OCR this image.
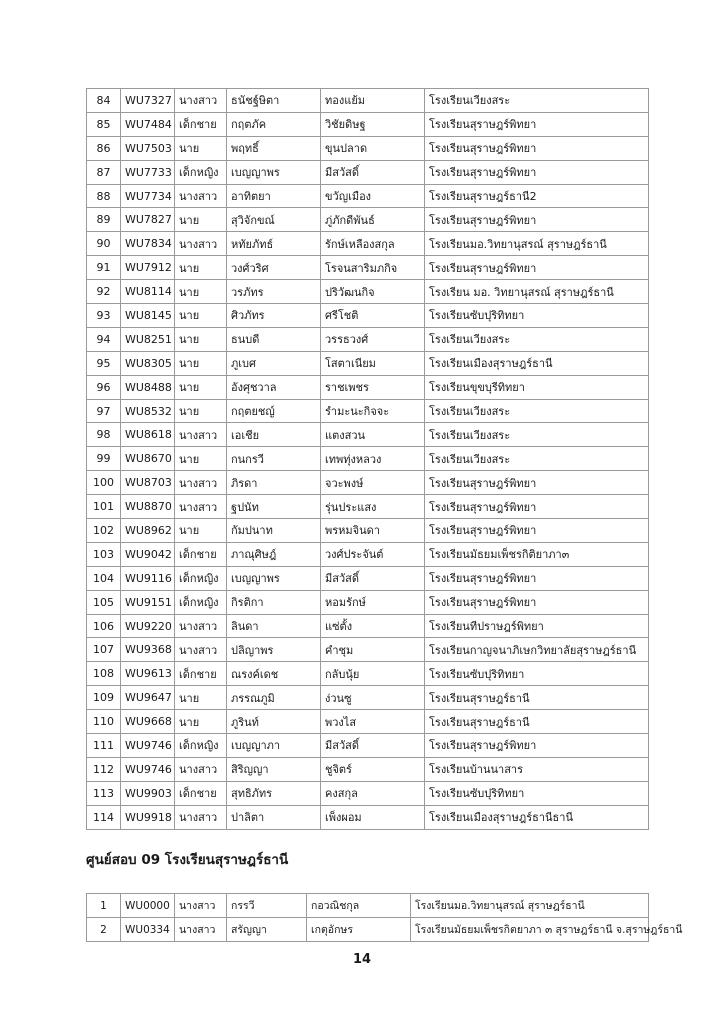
84	WU7327	นางสาว	ธนัชฐ์ษิตา	ทองแย้ม	โรงเรียนเวียงสระ
85	WU7484	เด็กชาย	กฤตภัค	วิชัยดิษฐ	โรงเรียนสุราษฎร์พิทยา
86	WU7503	นาย	พฤทธิ์	ขุนปลาด	โรงเรียนสุราษฎร์พิทยา
87	WU7733	เด็กหญิง	เบญญาพร	มีสวัสดิ์	โรงเรียนสุราษฎร์พิทยา
88	WU7734	นางสาว	อาทิตยา	ขวัญเมือง	โรงเรียนสุราษฎร์ธานี2
89	WU7827	นาย	สุวิจักขณ์	ภู่ภักดีพันธ์	โรงเรียนสุราษฎร์พิทยา
90	WU7834	นางสาว	หทัยภัทธ์	รักษ์เหลืองสกุล	โรงเรียนมอ.วิทยานุสรณ์ สุราษฎร์ธานี
91	WU7912	นาย	วงศ์วริศ	โรจนสาริมภกิจ	โรงเรียนสุราษฎร์พิทยา
92	WU8114	นาย	วรภัทร	ปริวัฒนกิจ	โรงเรียน มอ. วิทยานุสรณ์ สุราษฎร์ธานี
93	WU8145	นาย	ศิวภัทร	ศรีโชติ	โรงเรียนซับปุริทิทยา
94	WU8251	นาย	ธนบดี	วรรธวงศ์	โรงเรียนเวียงสระ
95	WU8305	นาย	ภูเบศ	โสตาเนียม	โรงเรียนเมืองสุราษฎร์ธานี
96	WU8488	นาย	อังศุชวาล	ราชเพชร	โรงเรียนขุขบุรีทิทยา
97	WU8532	นาย	กฤตยชญ์	รำมะนะกิจจะ	โรงเรียนเวียงสระ
98	WU8618	นางสาว	เอเชีย	แตงสวน	โรงเรียนเวียงสระ
99	WU8670	นาย	กนกรวี	เทพทุ่งหลวง	โรงเรียนเวียงสระ
100	WU8703	นางสาว	ภิรดา	จวะพงษ์	โรงเรียนสุราษฎร์พิทยา
101	WU8870	นางสาว	ฐปนัท	รุ่นประแสง	โรงเรียนสุราษฎร์พิทยา
102	WU8962	นาย	กัมปนาท	พรหมจินดา	โรงเรียนสุราษฎร์พิทยา
103	WU9042	เด็กชาย	ภาณุศิษฎ์	วงศ์ประจันต์	โรงเรียนมัธยมเพ็ชรกิติยาภา๓
104	WU9116	เด็กหญิง	เบญญาพร	มีสวัสดิ์	โรงเรียนสุราษฎร์พิทยา
105	WU9151	เด็กหญิง	กิรติกา	หอมรักษ์	โรงเรียนสุราษฎร์พิทยา
106	WU9220	นางสาว	ลินดา	แซ่ตั้ง	โรงเรียนทีปราษฎร์พิทยา
107	WU9368	นางสาว	ปลิญาพร	คำชุม	โรงเรียนกาญจนาภิเษกวิทยาลัยสุราษฎร์ธานี
108	WU9613	เด็กชาย	ณรงค์เดช	กลับนุ้ย	โรงเรียนซับปุริทิทยา
109	WU9647	นาย	ภรรณภูมิ	ง่วนซู	โรงเรียนสุราษฎร์ธานี
110	WU9668	นาย	ภูรินท์	พวงไส	โรงเรียนสุราษฎร์ธานี
111	WU9746	เด็กหญิง	เบญญาภา	มีสวัสดิ์	โรงเรียนสุราษฎร์พิทยา
112	WU9746	นางสาว	สิริญญา	ชูจิตร์	โรงเรียนบ้านนาสาร
113	WU9903	เด็กชาย	สุทธิภัทร	คงสกุล	โรงเรียนซับปุริทิทยา
114	WU9918	นางสาว	ปาลิตา	เพ็งผอม	โรงเรียนเมืองสุราษฎร์ธานีธานี
ศูนย์สอบ 09 โรงเรียนสุราษฎร์ธานี
1	WU0000	นางสาว	กรรวี	กอวณิชกุล	โรงเรียนมอ.วิทยานุสรณ์ สุราษฎร์ธานี
2	WU0334	นางสาว	สรัญญา	เกตุอักษร	โรงเรียนมัธยมเพ็ชรกิตยาภา ๓ สุราษฎร์ธานี จ.สุราษฎร์ธานี
14
